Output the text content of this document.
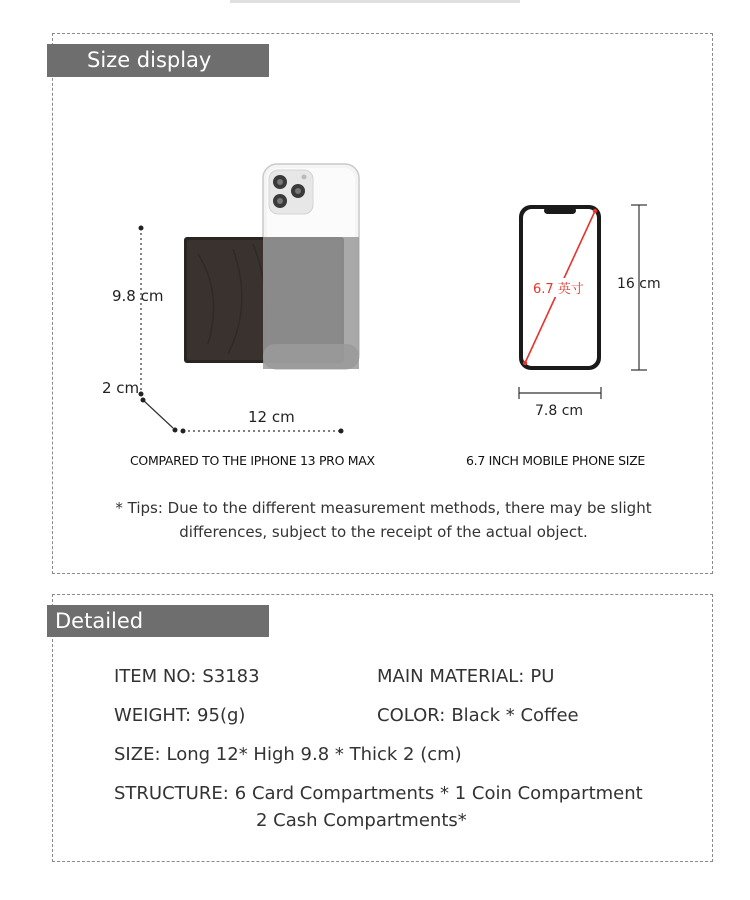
Size display
9.8 cm
2 cm
12 cm
6.7 英寸 16 cm
7.8 cm
COMPARED TO THE IPHONE 13 PRO MAX	6.7 INCH MOBILE PHONE SIZE
* Tips: Due to the different measurement methods, there may be slight
differences, subject to the receipt of the actual object.
Detailed parameters
ITEM NO: S3183	MAIN MATERIAL: PU
WEIGHT: 95(g)	COLOR: Black * Coffee
SIZE: Long 12* High 9.8 * Thick 2 (cm)
STRUCTURE: 6 Card Compartments * 1 Coin Compartment
2 Cash Compartments*
